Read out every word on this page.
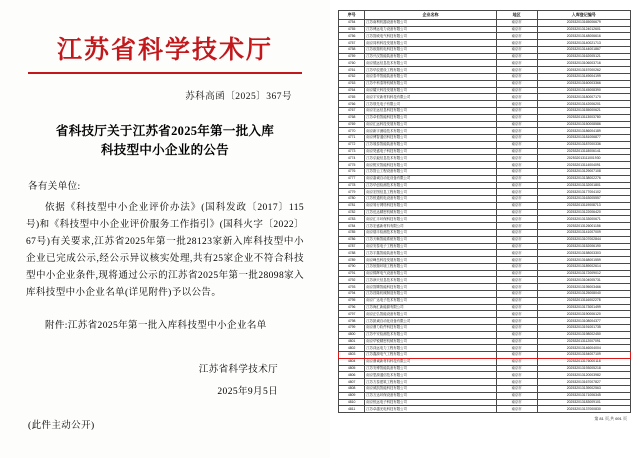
江苏省科学技术厅
苏科高函〔2025〕367号
省科技厅关于江苏省2025年第一批入库
科技型中小企业的公告
各有关单位:
依据《科技型中小企业评价办法》(国科发政〔2017〕115号)和《科技型中小企业评价服务工作指引》(国科火字〔2022〕67号)有关要求,江苏省2025年第一批28123家新入库科技型中小企业已完成公示,经公示异议核实处理,共有25家企业不符合科技型中小企业条件,现将通过公示的江苏省2025年第一批28098家入库科技型中小企业名单(详见附件)予以公告。
附件:江苏省2025年第一批入库科技型中小企业名单
江苏省科学技术厅
2025年9月5日
(此件主动公开)
序号	企业名称	地区	入库登记编号
4754	江苏南利机器设备有限公司	南京市	202532013165006679
4755	江苏博远电力设备有限公司	南京市	202532013124012601
4756	江苏智威电气科技有限公司	南京市	202532013148006616
4757	南京同科科技发展有限公司	南京市	202532013140021713
4758	江苏欧瑞机电科技有限公司	南京市	202532013144001867
4759	江苏兴汉智能装备有限公司	南京市	202532013162005121
4760	南京德远信息技术有限公司	南京市	202532013106003716
4761	江苏华辰建设工程有限公司	南京市	202532013157000262
4762	南京泰华智能装备有限公司	南京市	202532013149004199
4763	江苏中科泰特机械有限公司	南京市	202532013160003366
4764	南京耀天科技发展有限公司	南京市	202532013145008390
4765	南京宇安新材料科技有限公司	南京市	202532013180007170
4766	江苏领先电子有限公司	南京市	202532013142006201
4767	南京宏远信息科技有限公司	南京市	202532013155000621
4768	江苏卓恒智能科技有限公司	南京市	202532013113003780
4769	南京汇远科技发展有限公司	南京市	202532013150008586
4770	南京新宇测绘技术有限公司	南京市	202532013186004189
4771	南京博智通信科技有限公司	南京市	202532013181006877
4772	江苏晟泰智能装备有限公司	南京市	202532013187000336
4773	南京昊盛电子科技有限公司	南京市	202532013118006141
4774	江苏弘毅信息技术有限公司	南京市	202532013111001930
4775	南京锐安智能科技有限公司	南京市	202532013114004091
4776	江苏智云工程设备有限公司	南京市	202532013129007108
4777	南京嘉诚自动化设备有限公司	南京市	202532013138002276
4778	江苏华创检测技术有限公司	南京市	202532013132001801
4779	南京宏图信息工程有限公司	南京市	202532013177004102
4780	江苏恒通机电设备有限公司	南京市	202532013163005557
4781	南京易行网络科技有限公司	南京市	202532013119008713
4782	江苏迅达精密机械有限公司	南京市	202532013122006420
4783	南京汇丰环保科技有限公司	南京市	202532013133000671
4784	江苏宏盛新材料有限公司	南京市	202532013126001156
4785	南京瑞丰检测技术有限公司	南京市	202532013141007009
4786	江苏天畅智能系统有限公司	南京市	202532013107002844
4787	南京安泰电子工程有限公司	南京市	202532013152006190
4788	江苏宇鑫智能装备有限公司	南京市	202532013158003303
4789	南京峰岳科技发展有限公司	南京市	202532013168001559
4790	江苏欣瑞环境工程有限公司	南京市	202532013189002614
4791	南京锦辉电气设备有限公司	南京市	202532013172009012
4792	江苏润天信息技术有限公司	南京市	202532013104005731
4793	南京智腾智能科技有限公司	南京市	202532013195003466
4794	江苏昌隆机械制造有限公司	南京市	202532013125008040
4795	南京广达电子技术有限公司	南京市	202532013116002278
4796	江苏海汇新能源有限公司	南京市	202532013173001499
4797	南京正弘智能设备有限公司	南京市	202532013190006120
4798	江苏凯诚自动化设备有限公司	南京市	202532013108004377
4799	南京鼎力软件科技有限公司	南京市	202532013191001735
4800	江苏中安检测技术有限公司	南京市	202532013198002450
4801	南京华锐精密机械有限公司	南京市	202532013112007091
4802	江苏泽远电力工程有限公司	南京市	202532013146004004
4803	江苏鑫源电气工程有限公司	南京市	202532013154007109
4804	南京鼎诚新材料科技有限公司	南京市	202532013176000118
4805	江苏安博智能装备有限公司	南京市	202532013193005218
4806	南京思源通信技术有限公司	南京市	202532013120003982
4807	江苏方泰建筑工程有限公司	南京市	202532013167007827
4808	南京威凯智能科技有限公司	南京市	202532013139002563
4809	江苏万达环保设备有限公司	南京市	202532013171006345
4810	南京恒远电子科技有限公司	南京市	202532013183009101
4811	江苏卓越光电科技有限公司	南京市	202532013137000830
第 81 页,共 691 页
